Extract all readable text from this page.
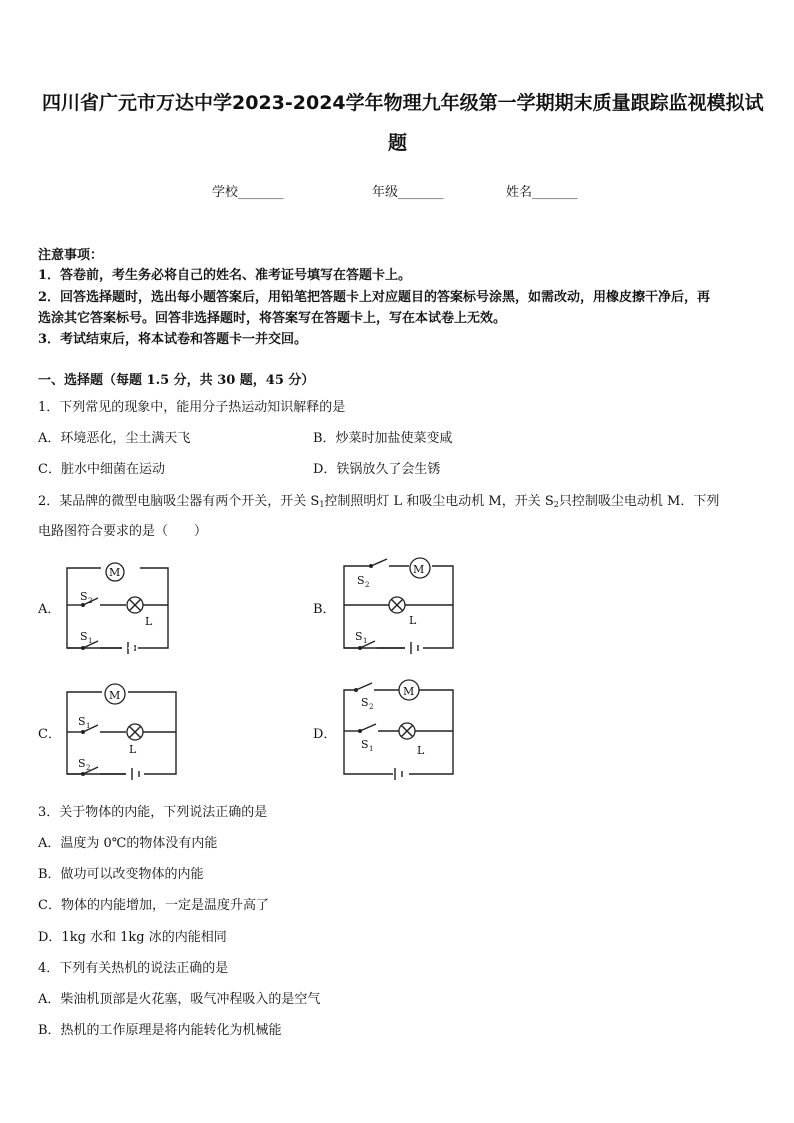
四川省广元市万达中学2023-2024学年物理九年级第一学期期末质量跟踪监视模拟试
题
学校_______	年级_______	姓名_______
注意事项：
1．答卷前，考生务必将自己的姓名、准考证号填写在答题卡上。
2．回答选择题时，选出每小题答案后，用铅笔把答题卡上对应题目的答案标号涂黑，如需改动，用橡皮擦干净后，再
选涂其它答案标号。回答非选择题时，将答案写在答题卡上，写在本试卷上无效。
3．考试结束后，将本试卷和答题卡一并交回。
一、选择题（每题 1.5 分，共 30 题，45 分）
1．下列常见的现象中，能用分子热运动知识解释的是
A．环境恶化，尘土满天飞	B．炒菜时加盐使菜变咸
C．脏水中细菌在运动	D．铁锅放久了会生锈
2．某品牌的微型电脑吸尘器有两个开关，开关 $S_1$控制照明灯 L 和吸尘电动机 M，开关 $S_2$只控制吸尘电动机 M．下列
电路图符合要求的是（　　）
A．	B．
C．	D．
M
L
S 2
S 1
S 2
M
L
S 1
M
S 1
L
S 2
S 2
M
S 1	L
3．关于物体的内能，下列说法正确的是
A．温度为 0℃的物体没有内能
B．做功可以改变物体的内能
C．物体的内能增加，一定是温度升高了
D．1kg 水和 1kg 冰的内能相同
4．下列有关热机的说法正确的是
A．柴油机顶部是火花塞，吸气冲程吸入的是空气
B．热机的工作原理是将内能转化为机械能
